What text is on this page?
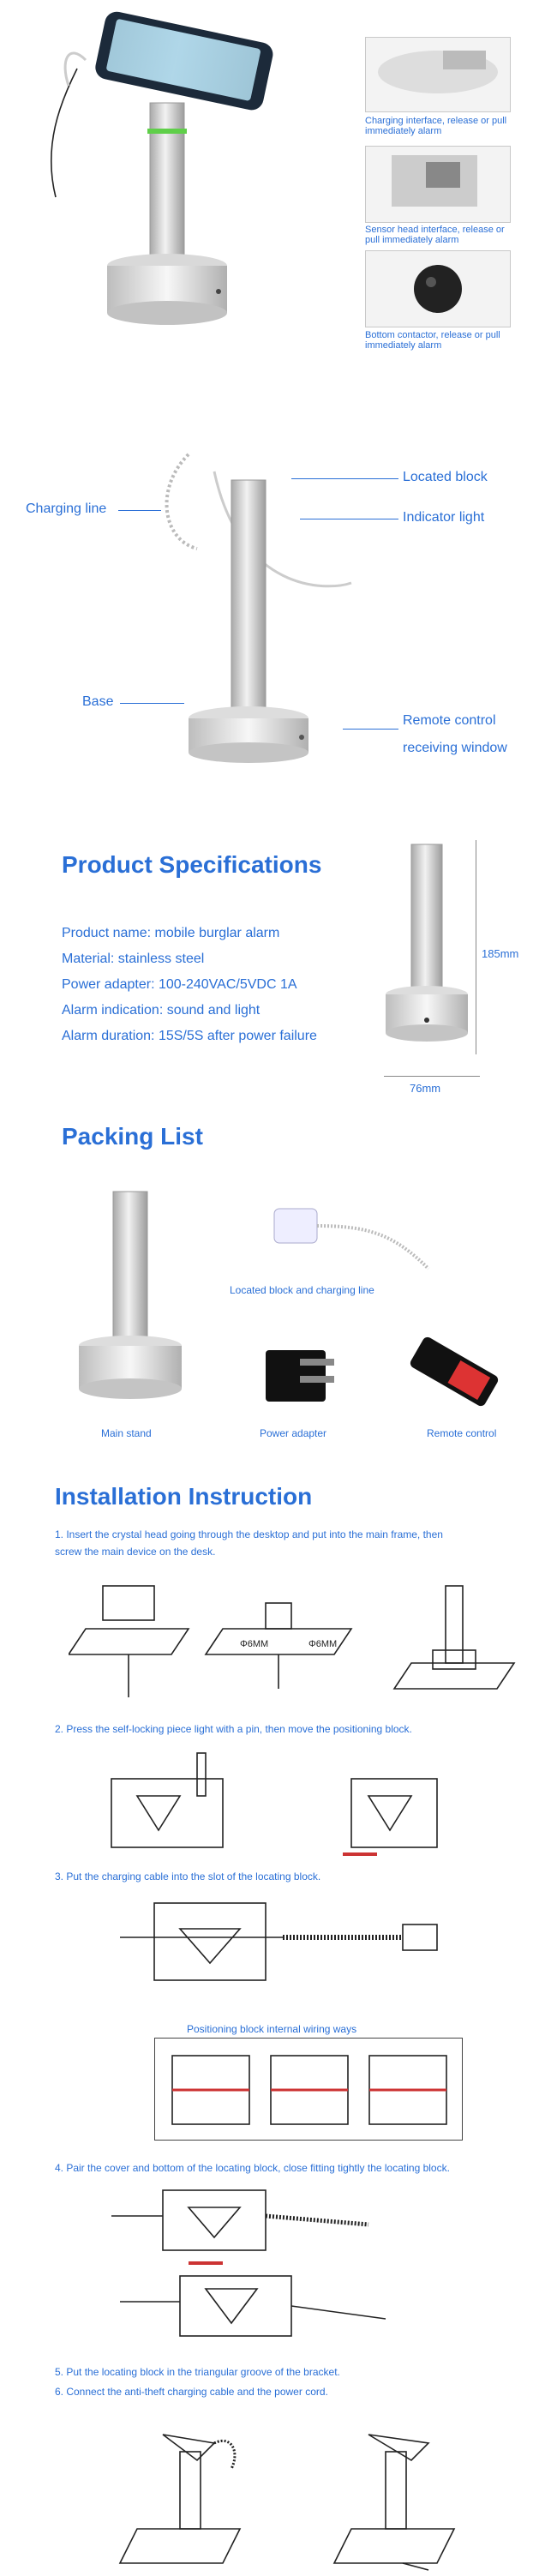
Charging interface, release or pull immediately alarm
Sensor head interface, release or pull immediately alarm
Bottom contactor, release or pull immediately alarm
Located block
Indicator light
Charging line
Base
Remote control
receiving window
Product Specifications
Product name: mobile burglar alarm
Material: stainless steel
Power adapter: 100-240VAC/5VDC 1A
Alarm indication: sound and light
Alarm duration: 15S/5S after power failure
185mm
76mm
Packing List
Main stand
Located block and charging line
Power adapter	Remote control
Installation Instruction
1. Insert the crystal head going through the desktop and put into the main frame, then
screw the main device on the desk.
Φ6MM	Φ6MM
2. Press the self-locking piece light with a pin, then move the positioning block.
3. Put the charging cable into the slot of the locating block.
Positioning block internal wiring ways
4. Pair the cover and bottom of the locating block, close fitting tightly the locating block.
5. Put the locating block in the triangular groove of the bracket.
6. Connect the anti-theft charging cable and the power cord.
